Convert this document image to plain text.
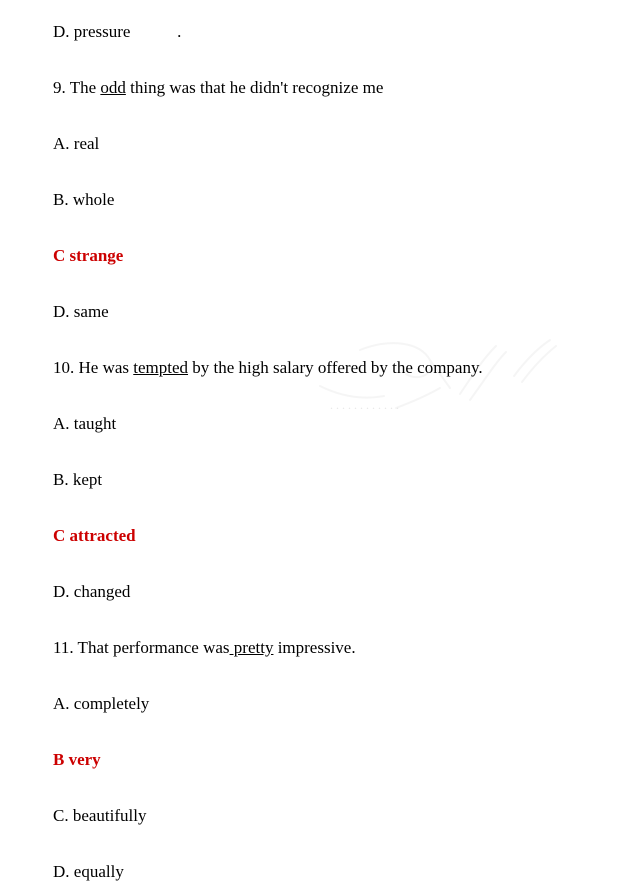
D. pressure           .
9. The odd thing was that he didn't recognize me
A. real
B. whole
C strange
D. same
10. He was tempted by the high salary offered by the company.
A. taught
B. kept
C attracted
D. changed
11. That performance was pretty impressive.
A. completely
B very
C. beautifully
D. equally
............
